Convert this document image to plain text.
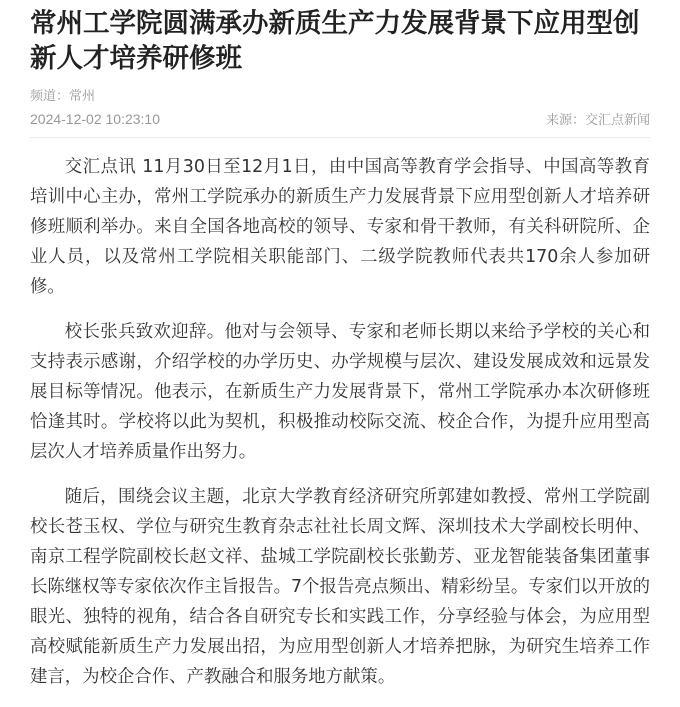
常州工学院圆满承办新质生产力发展背景下应用型创新人才培养研修班
频道：常州
2024-12-02 10:23:10	来源：交汇点新闻

交汇点讯 11月30日至12月1日，由中国高等教育学会指导、中国高等教育培训中心主办，常州工学院承办的新质生产力发展背景下应用型创新人才培养研修班顺利举办。来自全国各地高校的领导、专家和骨干教师，有关科研院所、企业人员，以及常州工学院相关职能部门、二级学院教师代表共170余人参加研修。

校长张兵致欢迎辞。他对与会领导、专家和老师长期以来给予学校的关心和支持表示感谢，介绍学校的办学历史、办学规模与层次、建设发展成效和远景发展目标等情况。他表示，在新质生产力发展背景下，常州工学院承办本次研修班恰逢其时。学校将以此为契机，积极推动校际交流、校企合作，为提升应用型高层次人才培养质量作出努力。

随后，围绕会议主题，北京大学教育经济研究所郭建如教授、常州工学院副校长苍玉权、学位与研究生教育杂志社社长周文辉、深圳技术大学副校长明仲、南京工程学院副校长赵文祥、盐城工学院副校长张勤芳、亚龙智能装备集团董事长陈继权等专家依次作主旨报告。7个报告亮点频出、精彩纷呈。专家们以开放的眼光、独特的视角，结合各自研究专长和实践工作，分享经验与体会，为应用型高校赋能新质生产力发展出招，为应用型创新人才培养把脉，为研究生培养工作建言，为校企合作、产教融合和服务地方献策。
